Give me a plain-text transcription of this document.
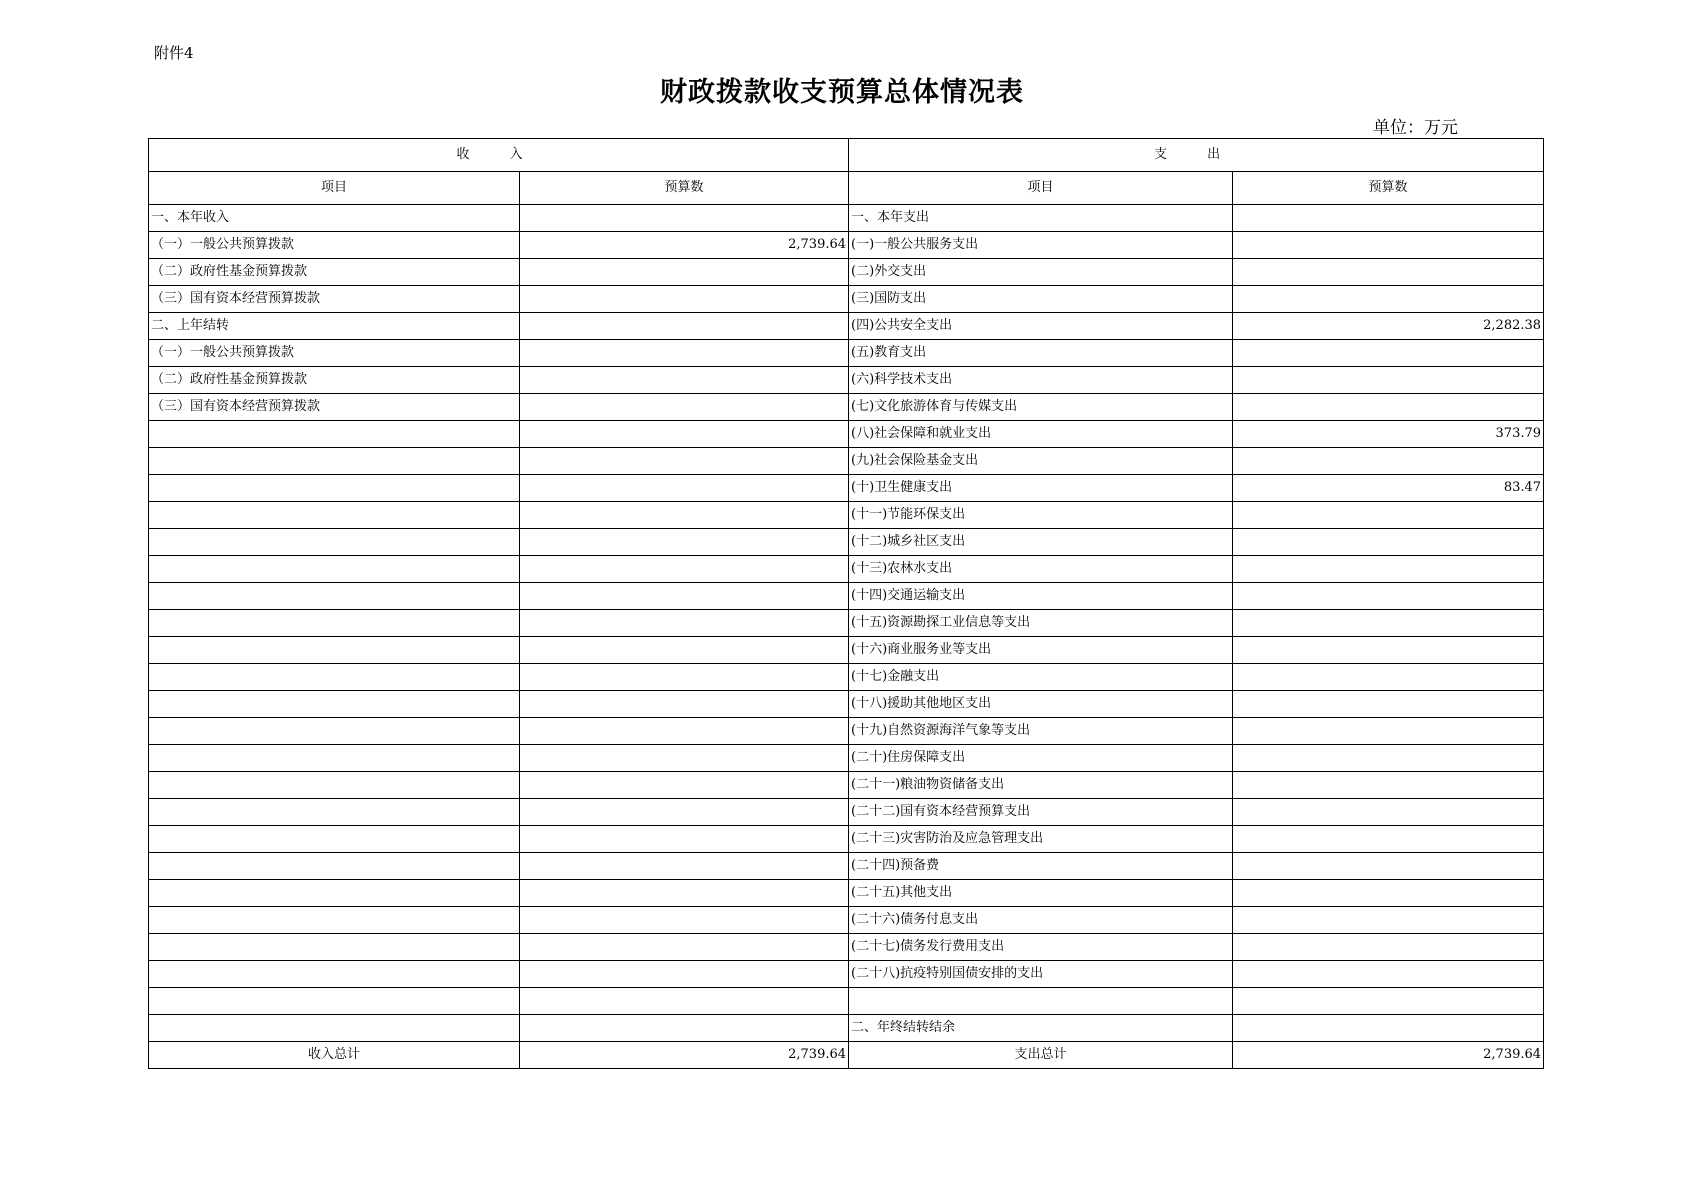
附件4
财政拨款收支预算总体情况表
单位：万元
收 入		支 出	
项目	预算数	项目	预算数
一、本年收入		一、本年支出	
（一）一般公共预算拨款	2,739.64	(一)一般公共服务支出	
（二）政府性基金预算拨款		(二)外交支出	
（三）国有资本经营预算拨款		(三)国防支出	
二、上年结转		(四)公共安全支出	2,282.38
（一）一般公共预算拨款		(五)教育支出	
（二）政府性基金预算拨款		(六)科学技术支出	
（三）国有资本经营预算拨款		(七)文化旅游体育与传媒支出	
		(八)社会保障和就业支出	373.79
		(九)社会保险基金支出	
		(十)卫生健康支出	83.47
		(十一)节能环保支出	
		(十二)城乡社区支出	
		(十三)农林水支出	
		(十四)交通运输支出	
		(十五)资源勘探工业信息等支出	
		(十六)商业服务业等支出	
		(十七)金融支出	
		(十八)援助其他地区支出	
		(十九)自然资源海洋气象等支出	
		(二十)住房保障支出	
		(二十一)粮油物资储备支出	
		(二十二)国有资本经营预算支出	
		(二十三)灾害防治及应急管理支出	
		(二十四)预备费	
		(二十五)其他支出	
		(二十六)债务付息支出	
		(二十七)债务发行费用支出	
		(二十八)抗疫特别国债安排的支出	

		二、年终结转结余	
收入总计	2,739.64	支出总计	2,739.64
